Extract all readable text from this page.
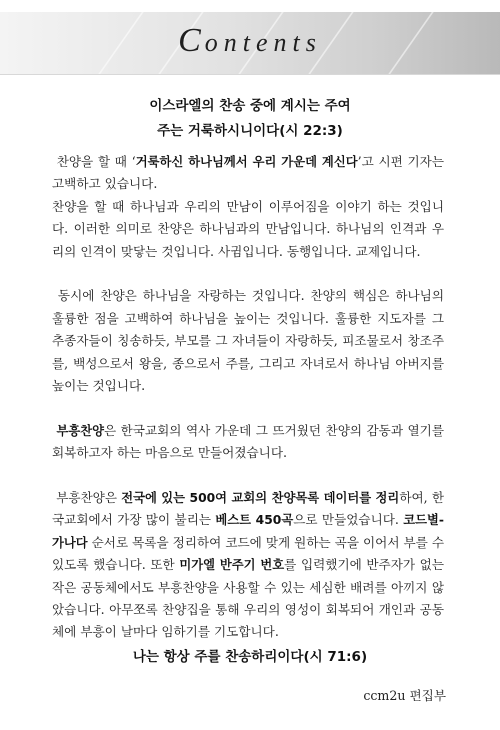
Contents
이스라엘의 찬송 중에 계시는 주여
주는 거룩하시니이다(시 22:3)

찬양을 할 때 ‘거룩하신 하나님께서 우리 가운데 계신다’고 시편 기자는 고백하고 있습니다.
찬양을 할 때 하나님과 우리의 만남이 이루어짐을 이야기 하는 것입니다. 이러한 의미로 찬양은 하나님과의 만남입니다. 하나님의 인격과 우리의 인격이 맞닿는 것입니다. 사귐입니다. 동행입니다. 교제입니다.

동시에 찬양은 하나님을 자랑하는 것입니다. 찬양의 핵심은 하나님의 훌륭한 점을 고백하여 하나님을 높이는 것입니다. 훌륭한 지도자를 그 추종자들이 칭송하듯, 부모를 그 자녀들이 자랑하듯, 피조물로서 창조주를, 백성으로서 왕을, 종으로서 주를, 그리고 자녀로서 하나님 아버지를 높이는 것입니다.

부흥찬양은 한국교회의 역사 가운데 그 뜨거웠던 찬양의 감동과 열기를 회복하고자 하는 마음으로 만들어졌습니다.

부흥찬양은 전국에 있는 500여 교회의 찬양목록 데이터를 정리하여, 한국교회에서 가장 많이 불리는 베스트 450곡으로 만들었습니다. 코드별-가나다 순서로 목록을 정리하여 코드에 맞게 원하는 곡을 이어서 부를 수 있도록 했습니다. 또한 미가엘 반주기 번호를 입력했기에 반주자가 없는 작은 공동체에서도 부흥찬양을 사용할 수 있는 세심한 배려를 아끼지 않았습니다. 아무쪼록 찬양집을 통해 우리의 영성이 회복되어 개인과 공동체에 부흥이 날마다 임하기를 기도합니다.

나는 항상 주를 찬송하리이다(시 71:6)
ccm2u 편집부
